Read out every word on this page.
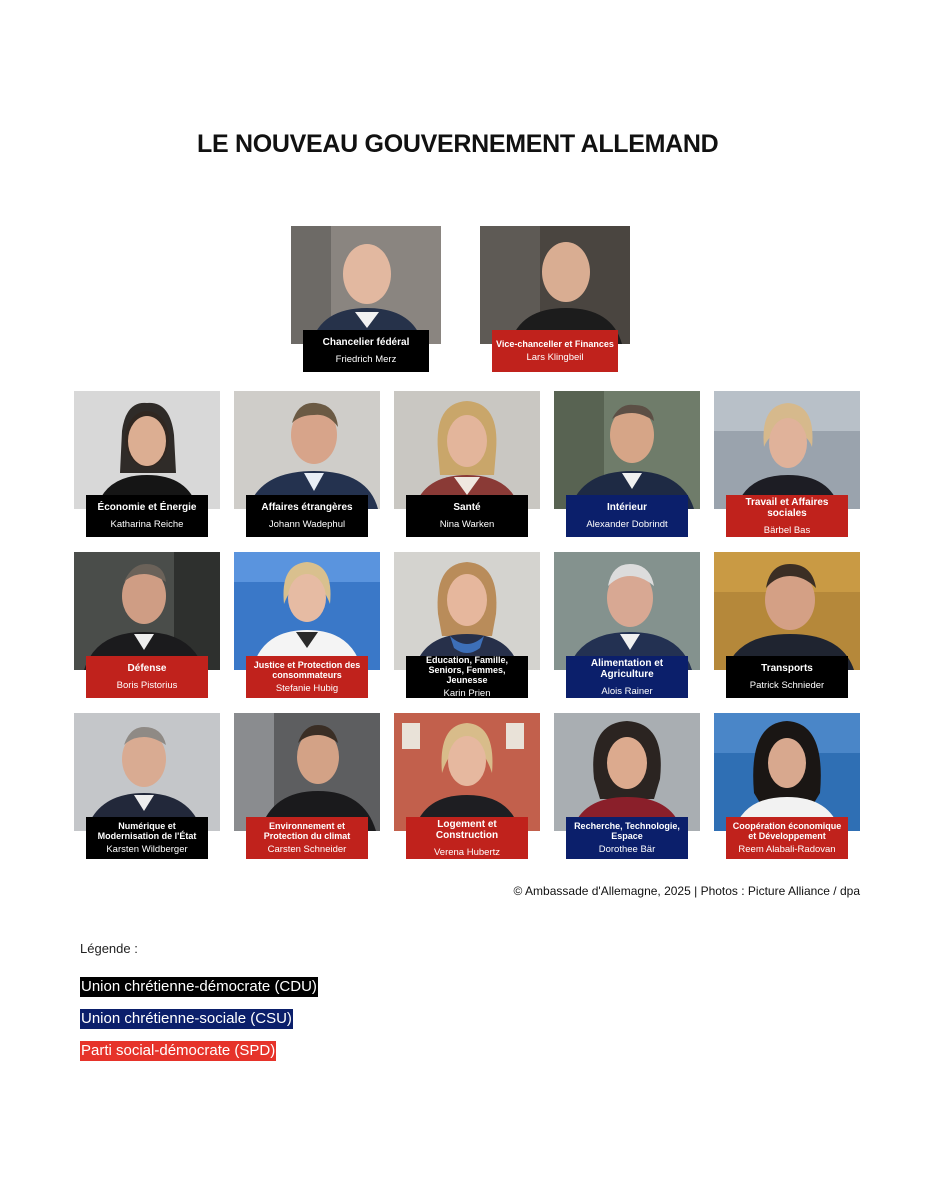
LE NOUVEAU GOUVERNEMENT ALLEMAND
Chancelier fédéral
Friedrich Merz
Vice-chanceller et Finances
Lars Klingbeil
Économie et Énergie
Katharina Reiche
Affaires étrangères
Johann Wadephul
Santé
Nina Warken
Intérieur
Alexander Dobrindt
Travail et Affaires sociales
Bärbel Bas
Défense
Boris Pistorius
Justice et Protection des consommateurs
Stefanie Hubig
Education, Famille, Seniors, Femmes, Jeunesse
Karin Prien
Alimentation et Agriculture
Alois Rainer
Transports
Patrick Schnieder
Numérique et Modernisation de l'État
Karsten Wildberger
Environnement et Protection du climat
Carsten Schneider
Logement et Construction
Verena Hubertz
Recherche, Technologie, Espace
Dorothee Bär
Coopération économique et Développement
Reem Alabali-Radovan
© Ambassade d'Allemagne, 2025 | Photos : Picture Alliance / dpa
Légende :
Union chrétienne-démocrate (CDU)
Union chrétienne-sociale (CSU)
Parti social-démocrate (SPD)
